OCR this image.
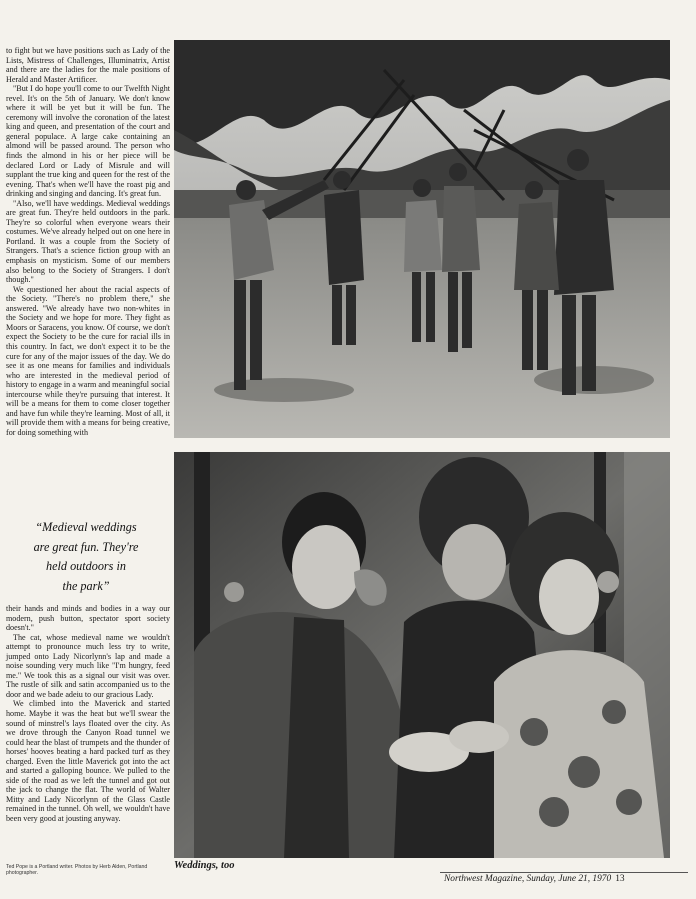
to fight but we have positions such as Lady of the Lists, Mistress of Challenges, Illuminatrix, Artist and there are the ladies for the male positions of Herald and Master Artificer.

"But I do hope you'll come to our Twelfth Night revel. It's on the 5th of January. We don't know where it will be yet but it will be fun. The ceremony will involve the coronation of the latest king and queen, and presentation of the court and general populace. A large cake containing an almond will be passed around. The person who finds the almond in his or her piece will be declared Lord or Lady of Misrule and will supplant the true king and queen for the rest of the evening. That's when we'll have the roast pig and drinking and singing and dancing. It's great fun.

"Also, we'll have weddings. Medieval weddings are great fun. They're held outdoors in the park. They're so colorful when everyone wears their costumes. We've already helped out on one here in Portland. It was a couple from the Society of Strangers. That's a science fiction group with an emphasis on mysticism. Some of our members also belong to the Society of Strangers. I don't though."

We questioned her about the racial aspects of the Society. "There's no problem there," she answered. "We already have two non-whites in the Society and we hope for more. They fight as Moors or Saracens, you know. Of course, we don't expect the Society to be the cure for racial ills in this country. In fact, we don't expect it to be the cure for any of the major issues of the day. We do see it as one means for families and individuals who are interested in the medieval period of history to engage in a warm and meaningful social intercourse while they're pursuing that interest. It will be a means for them to come closer together and have fun while they're learning. Most of all, it will provide them with a means for being creative, for doing something with

“Medieval weddings
are great fun. They're
held outdoors in
the park”

their hands and minds and bodies in a way our modern, push button, spectator sport society doesn't."

The cat, whose medieval name we wouldn't attempt to pronounce much less try to write, jumped onto Lady Nicorlynn's lap and made a noise sounding very much like "I'm hungry, feed me." We took this as a signal our visit was over. The rustle of silk and satin accompanied us to the door and we bade adeiu to our gracious Lady.

We climbed into the Maverick and started home. Maybe it was the heat but we'll swear the sound of minstrel's lays floated over the city. As we drove through the Canyon Road tunnel we could hear the blast of trumpets and the thunder of horses' hooves beating a hard packed turf as they charged. Even the little Maverick got into the act and started a galloping bounce. We pulled to the side of the road as we left the tunnel and got out the jack to change the flat. The world of Walter Mitty and Lady Nicorlynn of the Glass Castle remained in the tunnel. Oh well, we wouldn't have been very good at jousting anyway.

Ted Pope is a Portland writer. Photos by Herb Alden, Portland photographer.
Weddings, too
Northwest Magazine, Sunday, June 21, 1970 13
